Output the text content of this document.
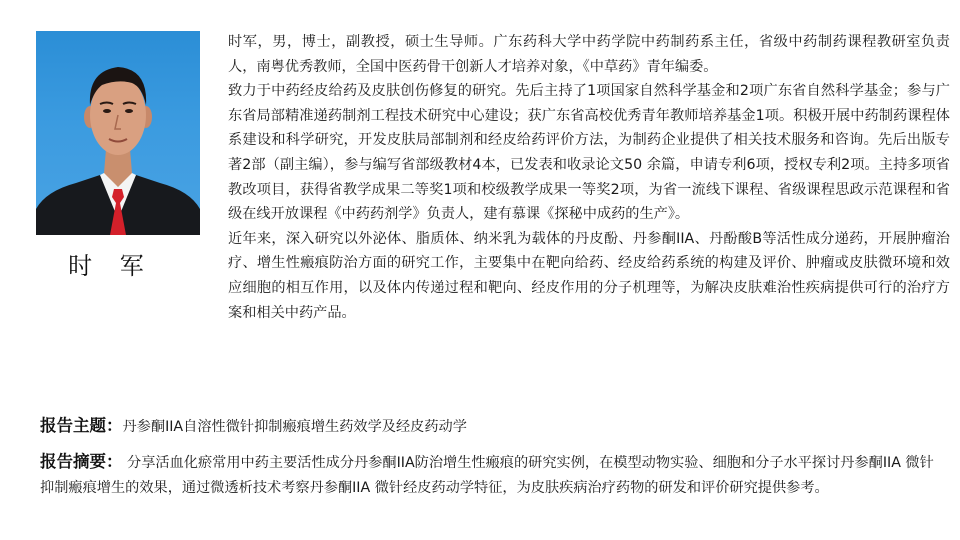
时 军

时军，男，博士，副教授，硕士生导师。广东药科大学中药学院中药制药系主任，省级中药制药课程教研室负责人，南粤优秀教师，全国中医药骨干创新人才培养对象，《中草药》青年编委。

致力于中药经皮给药及皮肤创伤修复的研究。先后主持了1项国家自然科学基金和2项广东省自然科学基金；参与广东省局部精准递药制剂工程技术研究中心建设；获广东省高校优秀青年教师培养基金1项。积极开展中药制药课程体系建设和科学研究，开发皮肤局部制剂和经皮给药评价方法，为制药企业提供了相关技术服务和咨询。先后出版专著2部（副主编），参与编写省部级教材4本，已发表和收录论文50 余篇，申请专利6项，授权专利2项。主持多项省教改项目，获得省教学成果二等奖1项和校级教学成果一等奖2项，为省一流线下课程、省级课程思政示范课程和省级在线开放课程《中药药剂学》负责人，建有慕课《探秘中成药的生产》。

近年来，深入研究以外泌体、脂质体、纳米乳为载体的丹皮酚、丹参酮IIA、丹酚酸B等活性成分递药，开展肿瘤治疗、增生性瘢痕防治方面的研究工作，主要集中在靶向给药、经皮给药系统的构建及评价、肿瘤或皮肤微环境和效应细胞的相互作用，以及体内传递过程和靶向、经皮作用的分子机理等，为解决皮肤难治性疾病提供可行的治疗方案和相关中药产品。

报告主题：丹参酮IIA自溶性微针抑制瘢痕增生药效学及经皮药动学
报告摘要： 分享活血化瘀常用中药主要活性成分丹参酮IIA防治增生性瘢痕的研究实例，在模型动物实验、细胞和分子水平探讨丹参酮IIA 微针抑制瘢痕增生的效果，通过微透析技术考察丹参酮IIA 微针经皮药动学特征，为皮肤疾病治疗药物的研发和评价研究提供参考。
